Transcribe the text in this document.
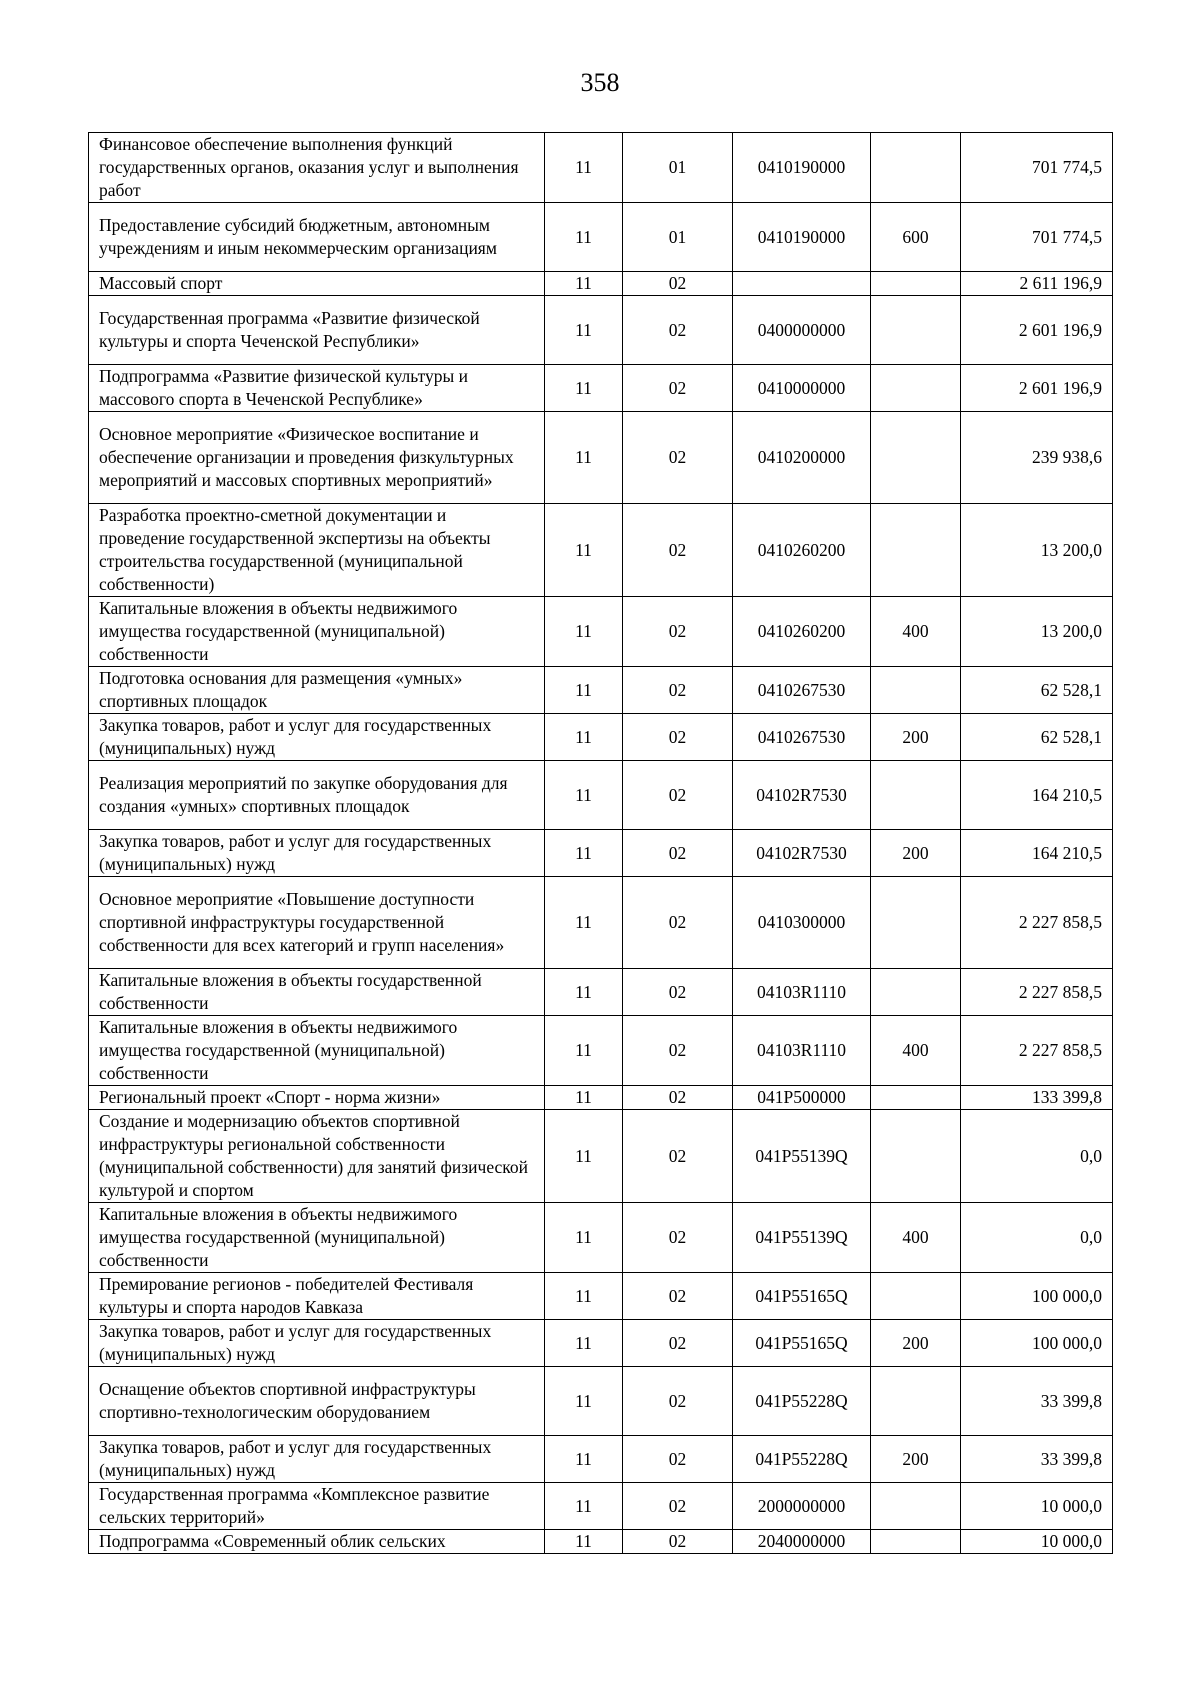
358
Финансовое обеспечение выполнения функций государственных органов, оказания услуг и выполнения работ	11	01	0410190000		701 774,5
Предоставление субсидий бюджетным, автономным учреждениям и иным некоммерческим организациям	11	01	0410190000	600	701 774,5
Массовый спорт	11	02			2 611 196,9
Государственная программа «Развитие физической культуры и спорта Чеченской Республики»	11	02	0400000000		2 601 196,9
Подпрограмма «Развитие физической культуры и массового спорта в Чеченской Республике»	11	02	0410000000		2 601 196,9
Основное мероприятие «Физическое воспитание и обеспечение организации и проведения физкультурных мероприятий и массовых спортивных мероприятий»	11	02	0410200000		239 938,6
Разработка проектно-сметной документации и проведение государственной экспертизы на объекты строительства государственной (муниципальной собственности)	11	02	0410260200		13 200,0
Капитальные вложения в объекты недвижимого имущества государственной (муниципальной) собственности	11	02	0410260200	400	13 200,0
Подготовка основания для размещения «умных» спортивных площадок	11	02	0410267530		62 528,1
Закупка товаров, работ и услуг для государственных (муниципальных) нужд	11	02	0410267530	200	62 528,1
Реализация мероприятий по закупке оборудования для создания «умных» спортивных площадок	11	02	04102R7530		164 210,5
Закупка товаров, работ и услуг для государственных (муниципальных) нужд	11	02	04102R7530	200	164 210,5
Основное мероприятие «Повышение доступности спортивной инфраструктуры государственной собственности для всех категорий и групп населения»	11	02	0410300000		2 227 858,5
Капитальные вложения в объекты государственной собственности	11	02	04103R1110		2 227 858,5
Капитальные вложения в объекты недвижимого имущества государственной (муниципальной) собственности	11	02	04103R1110	400	2 227 858,5
Региональный проект «Спорт - норма жизни»	11	02	041P500000		133 399,8
Создание и модернизацию объектов спортивной инфраструктуры региональной собственности (муниципальной собственности) для занятий физической культурой и спортом	11	02	041P55139Q		0,0
Капитальные вложения в объекты недвижимого имущества государственной (муниципальной) собственности	11	02	041P55139Q	400	0,0
Премирование регионов - победителей Фестиваля культуры и спорта народов Кавказа	11	02	041P55165Q		100 000,0
Закупка товаров, работ и услуг для государственных (муниципальных) нужд	11	02	041P55165Q	200	100 000,0
Оснащение объектов спортивной инфраструктуры спортивно-технологическим оборудованием	11	02	041P55228Q		33 399,8
Закупка товаров, работ и услуг для государственных (муниципальных) нужд	11	02	041P55228Q	200	33 399,8
Государственная программа «Комплексное развитие сельских территорий»	11	02	2000000000		10 000,0
Подпрограмма «Современный облик сельских	11	02	2040000000		10 000,0
